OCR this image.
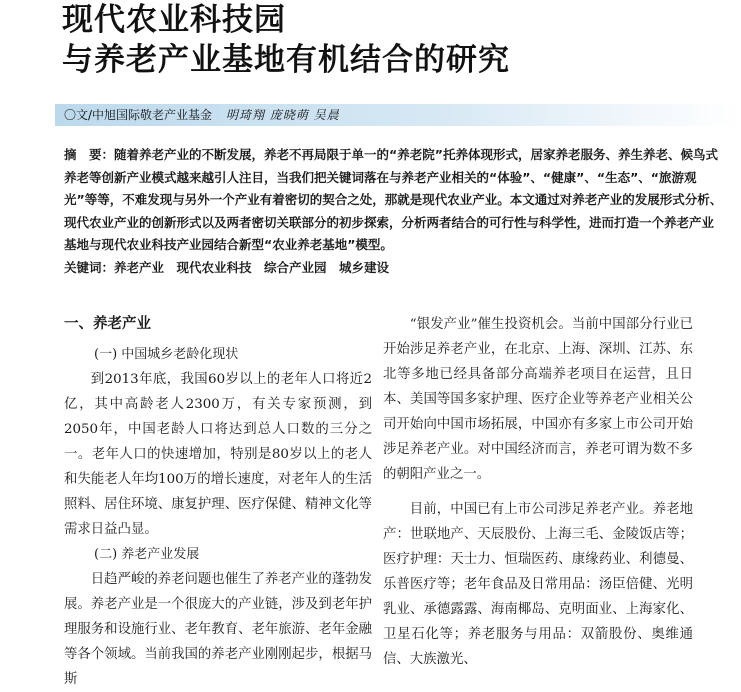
现代农业科技园
与养老产业基地有机结合的研究
〇文/中旭国际敬老产业基金 明琦翔 庞晓萌 吴晨
摘　要：随着养老产业的不断发展，养老不再局限于单一的“养老院”托养体现形式，居家养老服务、养生养老、候鸟式养老等创新产业模式越来越引人注目，当我们把关键词落在与养老产业相关的“体验”、“健康”、“生态”、“旅游观光”等等，不难发现与另外一个产业有着密切的契合之处，那就是现代农业产业。本文通过对养老产业的发展形式分析、现代农业产业的创新形式以及两者密切关联部分的初步探索，分析两者结合的可行性与科学性，进而打造一个养老产业基地与现代农业科技产业园结合新型“农业养老基地”模型。
关键词：养老产业　现代农业科技　综合产业园　城乡建设
一、养老产业
(一) 中国城乡老龄化现状

到2013年底，我国60岁以上的老年人口将近2亿，其中高龄老人2300万，有关专家预测，到2050年，中国老龄人口将达到总人口数的三分之一。老年人口的快速增加，特别是80岁以上的老人和失能老人年均100万的增长速度，对老年人的生活照料、居住环境、康复护理、医疗保健、精神文化等需求日益凸显。

(二) 养老产业发展

日趋严峻的养老问题也催生了养老产业的蓬勃发展。养老产业是一个很庞大的产业链，涉及到老年护理服务和设施行业、老年教育、老年旅游、老年金融等各个领域。当前我国的养老产业刚刚起步，根据马斯

“银发产业”催生投资机会。当前中国部分行业已开始涉足养老产业，在北京、上海、深圳、江苏、东北等多地已经具备部分高端养老项目在运营，且日本、美国等国多家护理、医疗企业等养老产业相关公司开始向中国市场拓展，中国亦有多家上市公司开始涉足养老产业。对中国经济而言，养老可谓为数不多的朝阳产业之一。

目前，中国已有上市公司涉足养老产业。养老地产：世联地产、天辰股份、上海三毛、金陵饭店等；医疗护理：天士力、恒瑞医药、康缘药业、利德曼、乐普医疗等；老年食品及日常用品：汤臣倍健、光明乳业、承德露露、海南椰岛、克明面业、上海家化、卫星石化等；养老服务与用品：双箭股份、奥维通信、大族激光、
